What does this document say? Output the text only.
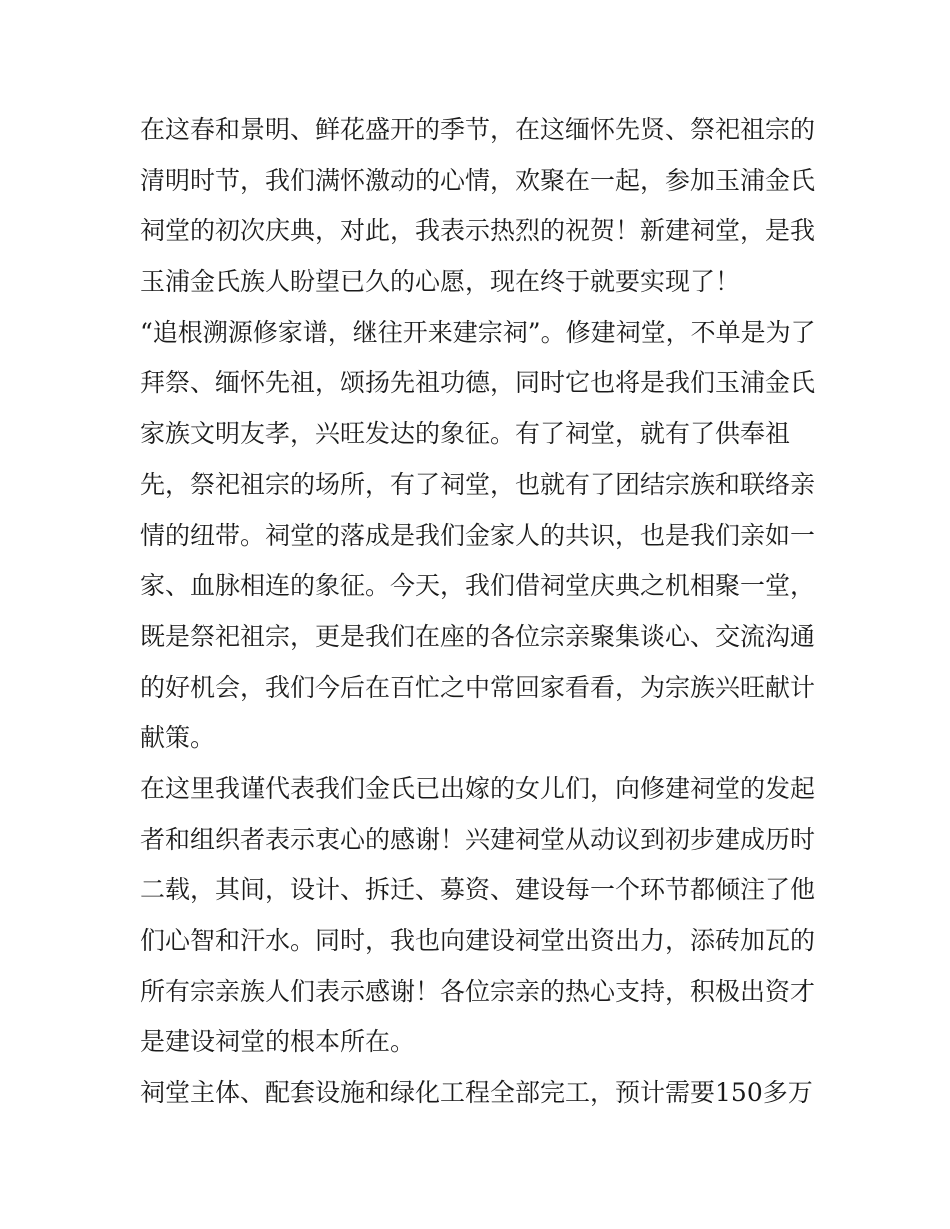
在这春和景明、鲜花盛开的季节，在这缅怀先贤、祭祀祖宗的
清明时节，我们满怀激动的心情，欢聚在一起，参加玉浦金氏
祠堂的初次庆典，对此，我表示热烈的祝贺！新建祠堂，是我
玉浦金氏族人盼望已久的心愿，现在终于就要实现了！
“追根溯源修家谱，继往开来建宗祠”。修建祠堂，不单是为了
拜祭、缅怀先祖，颂扬先祖功德，同时它也将是我们玉浦金氏
家族文明友孝，兴旺发达的象征。有了祠堂，就有了供奉祖
先，祭祀祖宗的场所，有了祠堂，也就有了团结宗族和联络亲
情的纽带。祠堂的落成是我们金家人的共识，也是我们亲如一
家、血脉相连的象征。今天，我们借祠堂庆典之机相聚一堂，
既是祭祀祖宗，更是我们在座的各位宗亲聚集谈心、交流沟通
的好机会，我们今后在百忙之中常回家看看，为宗族兴旺献计
献策。
在这里我谨代表我们金氏已出嫁的女儿们，向修建祠堂的发起
者和组织者表示衷心的感谢！兴建祠堂从动议到初步建成历时
二载，其间，设计、拆迁、募资、建设每一个环节都倾注了他
们心智和汗水。同时，我也向建设祠堂出资出力，添砖加瓦的
所有宗亲族人们表示感谢！各位宗亲的热心支持，积极出资才
是建设祠堂的根本所在。
祠堂主体、配套设施和绿化工程全部完工，预计需要150多万
